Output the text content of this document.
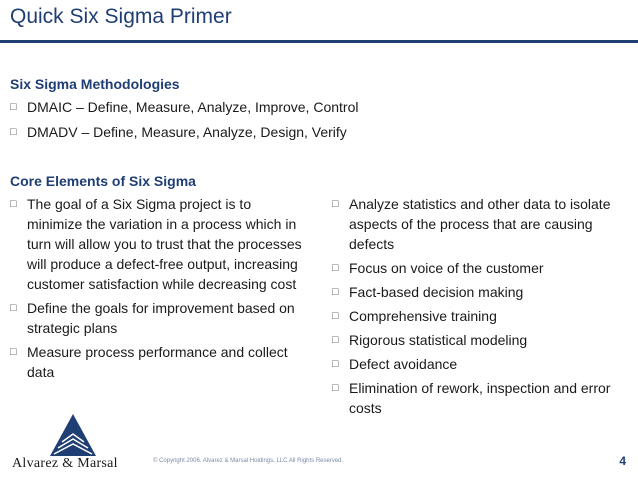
Quick Six Sigma Primer
Six Sigma Methodologies
□ DMAIC – Define, Measure, Analyze, Improve, Control
□ DMADV – Define, Measure, Analyze, Design, Verify
Core Elements of Six Sigma
□ The goal of a Six Sigma project is to
minimize the variation in a process which in
turn will allow you to trust that the processes
will produce a defect-free output, increasing
customer satisfaction while decreasing cost
□ Define the goals for improvement based on
strategic plans
□ Measure process performance and collect
data
□ Analyze statistics and other data to isolate
aspects of the process that are causing
defects
□ Focus on voice of the customer
□ Fact-based decision making
□ Comprehensive training
□ Rigorous statistical modeling
□ Defect avoidance
□ Elimination of rework, inspection and error
costs
Alvarez & Marsal	© Copyright 2006. Alvarez & Marsal Holdings, LLC All Rights Reserved.	4
